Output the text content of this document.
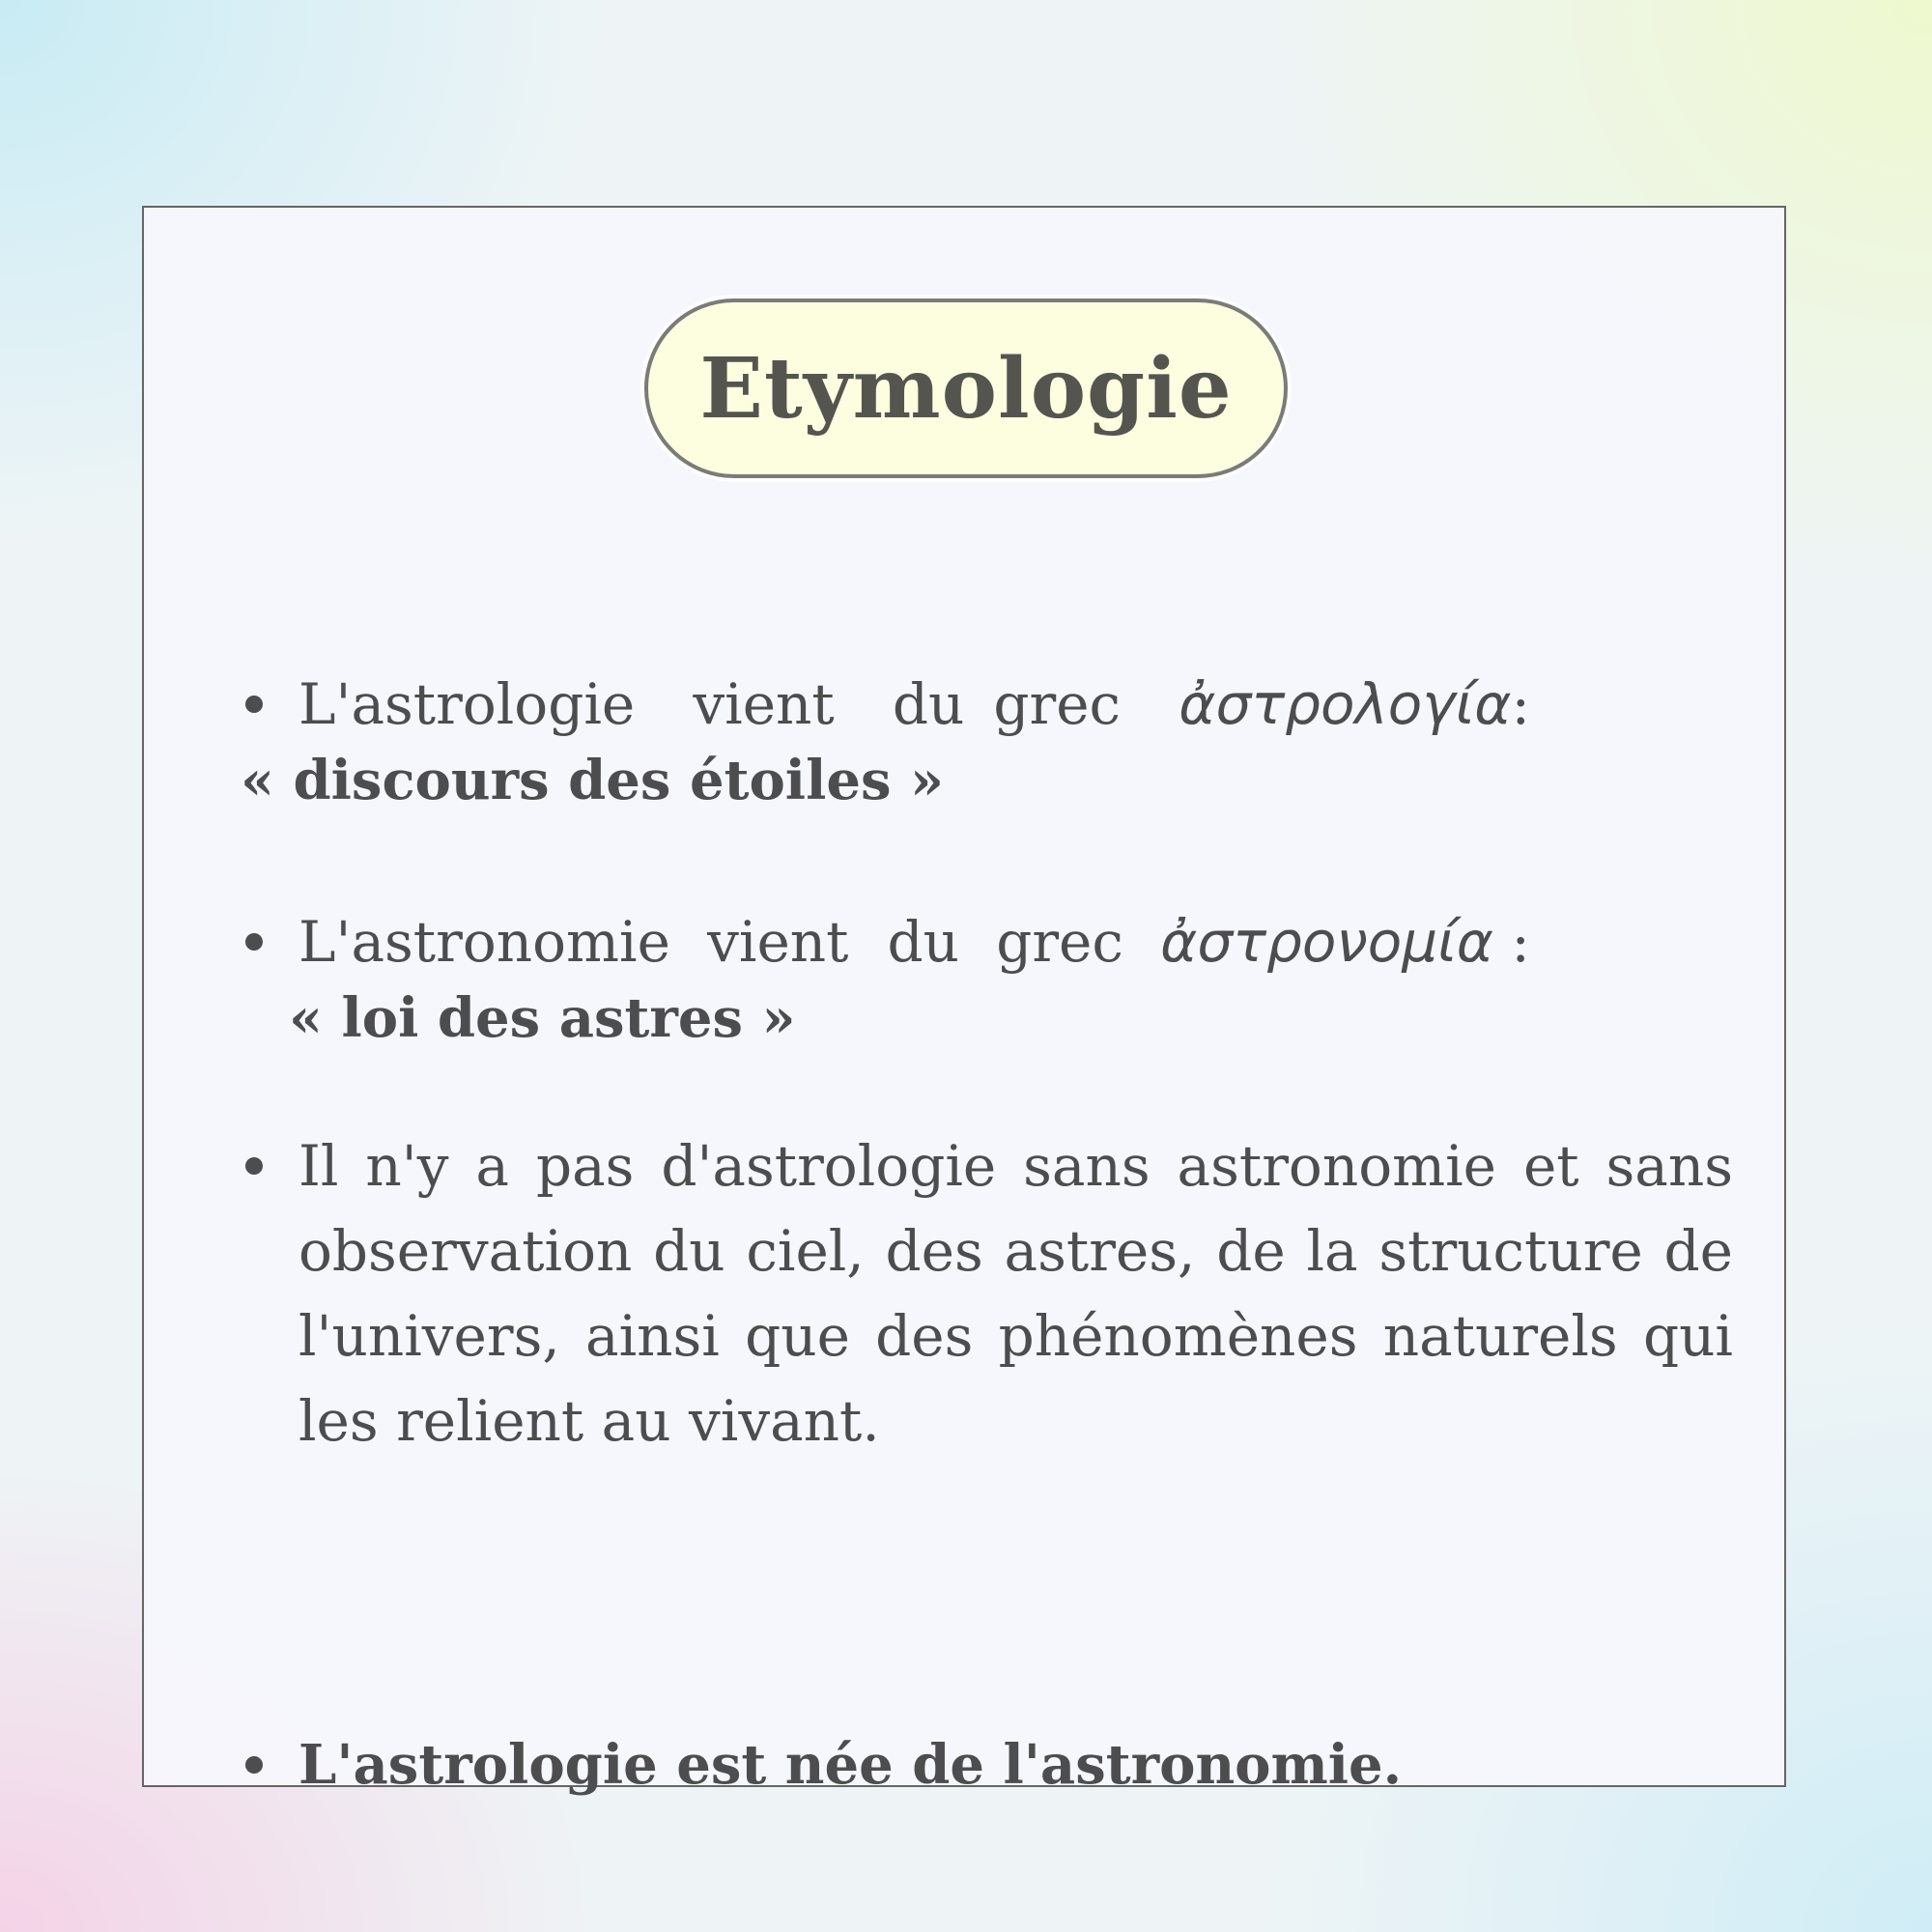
Etymologie
L'astrologie vient du grec ἀστρολογία:
« discours des étoiles »
L'astronomie vient du grec ἀστρονομία :
« loi des astres »
Il n'y a pas d'astrologie sans astronomie et sans observation du ciel, des astres, de la structure de l'univers, ainsi que des phénomènes naturels qui les relient au vivant.
L'astrologie est née de l'astronomie.
